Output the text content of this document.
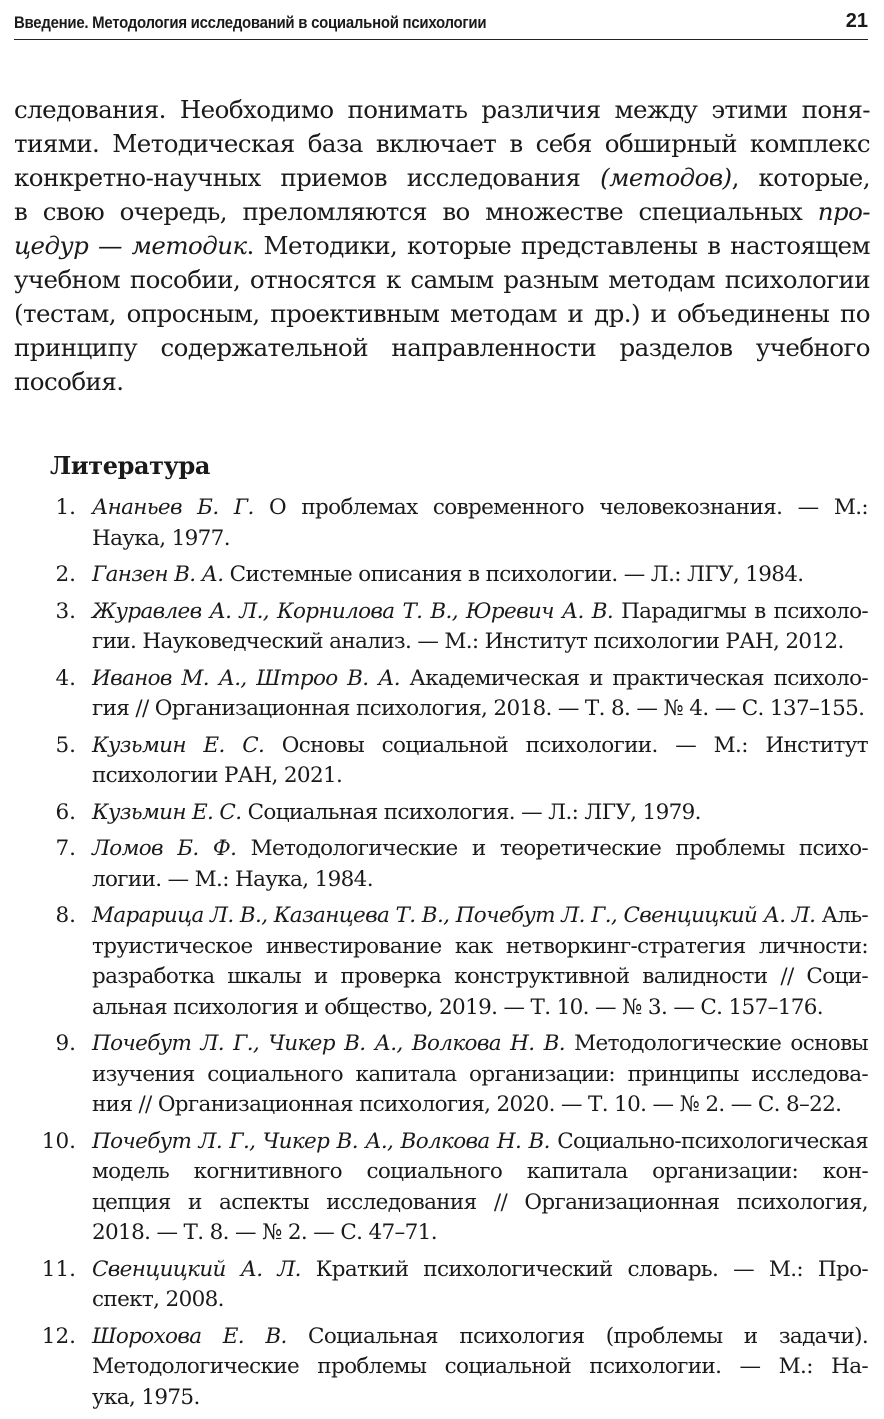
Введение. Методология исследований в социальной психологии	21
следования. Необходимо понимать различия между этими поня-
тиями. Методическая база включает в себя обширный комплекс
конкретно-научных приемов исследования (методов), которые,
в свою очередь, преломляются во множестве специальных про-
цедур — методик. Методики, которые представлены в настоящем
учебном пособии, относятся к самым разным методам психологии
(тестам, опросным, проективным методам и др.) и объединены по
принципу содержательной направленности разделов учебного
пособия.
Литература
1. Ананьев Б. Г. О проблемах современного человекознания. — М.:
Наука, 1977.
2. Ганзен В. А. Системные описания в психологии. — Л.: ЛГУ, 1984.
3. Журавлев А. Л., Корнилова Т. В., Юревич А. В. Парадигмы в психоло-
гии. Науковедческий анализ. — М.: Институт психологии РАН, 2012.
4. Иванов М. А., Штроо В. А. Академическая и практическая психоло-
гия // Организационная психология, 2018. — Т. 8. — № 4. — С. 137–155.
5. Кузьмин Е. С. Основы социальной психологии. — М.: Институт
психологии РАН, 2021.
6. Кузьмин Е. С. Социальная психология. — Л.: ЛГУ, 1979.
7. Ломов Б. Ф. Методологические и теоретические проблемы психо-
логии. — М.: Наука, 1984.
8. Марарица Л. В., Казанцева Т. В., Почебут Л. Г., Свенцицкий А. Л. Аль-
труистическое инвестирование как нетворкинг-стратегия личности:
разработка шкалы и проверка конструктивной валидности // Соци-
альная психология и общество, 2019. — Т. 10. — № 3. — С. 157–176.
9. Почебут Л. Г., Чикер В. А., Волкова Н. В. Методологические основы
изучения социального капитала организации: принципы исследова-
ния // Организационная психология, 2020. — Т. 10. — № 2. — С. 8–22.
10. Почебут Л. Г., Чикер В. А., Волкова Н. В. Социально-психологическая
модель когнитивного социального капитала организации: кон-
цепция и аспекты исследования // Организационная психология,
2018. — Т. 8. — № 2. — С. 47–71.
11. Свенцицкий А. Л. Краткий психологический словарь. — М.: Про-
спект, 2008.
12. Шорохова Е. В. Социальная психология (проблемы и задачи).
Методологические проблемы социальной психологии. — М.: На-
ука, 1975.
